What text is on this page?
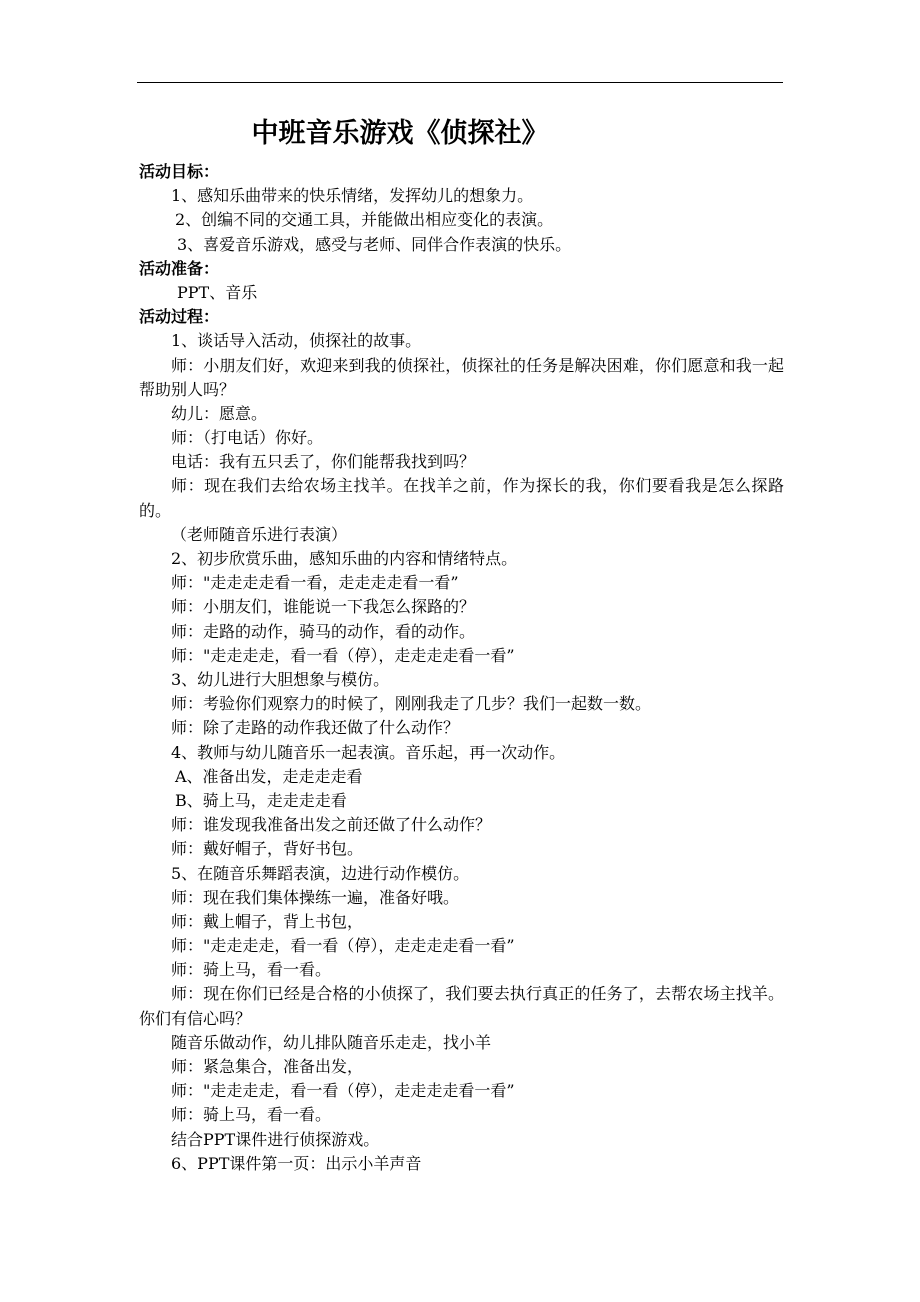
中班音乐游戏《侦探社》
活动目标：
1、感知乐曲带来的快乐情绪，发挥幼儿的想象力。
2、创编不同的交通工具，并能做出相应变化的表演。
3、喜爱音乐游戏，感受与老师、同伴合作表演的快乐。
活动准备：
PPT、音乐
活动过程：
1、谈话导入活动，侦探社的故事。
师：小朋友们好，欢迎来到我的侦探社，侦探社的任务是解决困难，你们愿意和我一起帮助别人吗？
幼儿：愿意。
师：（打电话）你好。
电话：我有五只丢了，你们能帮我找到吗？
师：现在我们去给农场主找羊。在找羊之前，作为探长的我，你们要看我是怎么探路的。
（老师随音乐进行表演）
2、初步欣赏乐曲，感知乐曲的内容和情绪特点。
师："走走走走看一看，走走走走看一看”
师：小朋友们，谁能说一下我怎么探路的？
师：走路的动作，骑马的动作，看的动作。
师："走走走走，看一看（停），走走走走看一看”
3、幼儿进行大胆想象与模仿。
师：考验你们观察力的时候了，刚刚我走了几步？我们一起数一数。
师：除了走路的动作我还做了什么动作？
4、教师与幼儿随音乐一起表演。音乐起，再一次动作。
A、准备出发，走走走走看
B、骑上马，走走走走看
师：谁发现我准备出发之前还做了什么动作？
师：戴好帽子，背好书包。
5、在随音乐舞蹈表演，边进行动作模仿。
师：现在我们集体操练一遍，准备好哦。
师：戴上帽子，背上书包，
师："走走走走，看一看（停），走走走走看一看”
师：骑上马，看一看。
师：现在你们已经是合格的小侦探了，我们要去执行真正的任务了，去帮农场主找羊。你们有信心吗？
随音乐做动作，幼儿排队随音乐走走，找小羊
师：紧急集合，准备出发，
师："走走走走，看一看（停），走走走走看一看”
师：骑上马，看一看。
结合PPT课件进行侦探游戏。
6、PPT课件第一页：出示小羊声音
